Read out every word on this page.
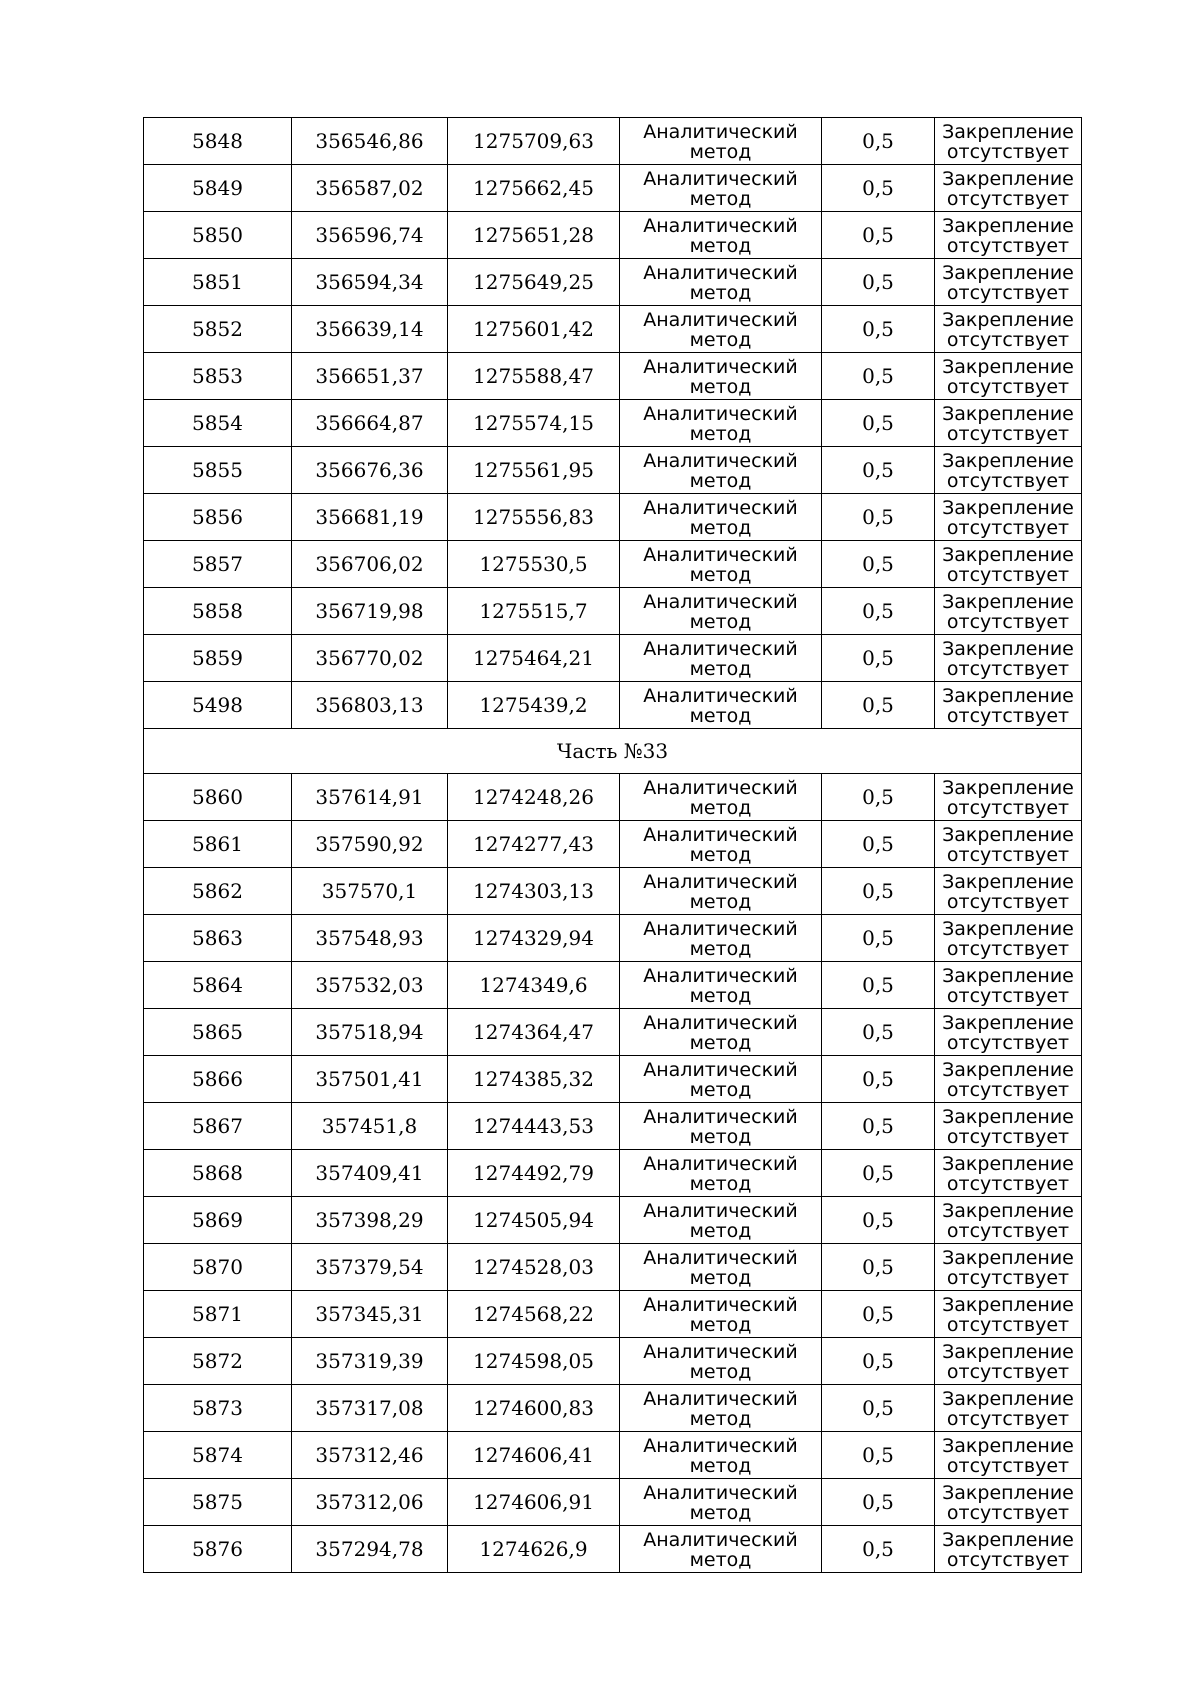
5848	356546,86	1275709,63	Аналитический метод	0,5	Закрепление отсутствует
5849	356587,02	1275662,45	Аналитический метод	0,5	Закрепление отсутствует
5850	356596,74	1275651,28	Аналитический метод	0,5	Закрепление отсутствует
5851	356594,34	1275649,25	Аналитический метод	0,5	Закрепление отсутствует
5852	356639,14	1275601,42	Аналитический метод	0,5	Закрепление отсутствует
5853	356651,37	1275588,47	Аналитический метод	0,5	Закрепление отсутствует
5854	356664,87	1275574,15	Аналитический метод	0,5	Закрепление отсутствует
5855	356676,36	1275561,95	Аналитический метод	0,5	Закрепление отсутствует
5856	356681,19	1275556,83	Аналитический метод	0,5	Закрепление отсутствует
5857	356706,02	1275530,5	Аналитический метод	0,5	Закрепление отсутствует
5858	356719,98	1275515,7	Аналитический метод	0,5	Закрепление отсутствует
5859	356770,02	1275464,21	Аналитический метод	0,5	Закрепление отсутствует
5498	356803,13	1275439,2	Аналитический метод	0,5	Закрепление отсутствует
Часть №33					
5860	357614,91	1274248,26	Аналитический метод	0,5	Закрепление отсутствует
5861	357590,92	1274277,43	Аналитический метод	0,5	Закрепление отсутствует
5862	357570,1	1274303,13	Аналитический метод	0,5	Закрепление отсутствует
5863	357548,93	1274329,94	Аналитический метод	0,5	Закрепление отсутствует
5864	357532,03	1274349,6	Аналитический метод	0,5	Закрепление отсутствует
5865	357518,94	1274364,47	Аналитический метод	0,5	Закрепление отсутствует
5866	357501,41	1274385,32	Аналитический метод	0,5	Закрепление отсутствует
5867	357451,8	1274443,53	Аналитический метод	0,5	Закрепление отсутствует
5868	357409,41	1274492,79	Аналитический метод	0,5	Закрепление отсутствует
5869	357398,29	1274505,94	Аналитический метод	0,5	Закрепление отсутствует
5870	357379,54	1274528,03	Аналитический метод	0,5	Закрепление отсутствует
5871	357345,31	1274568,22	Аналитический метод	0,5	Закрепление отсутствует
5872	357319,39	1274598,05	Аналитический метод	0,5	Закрепление отсутствует
5873	357317,08	1274600,83	Аналитический метод	0,5	Закрепление отсутствует
5874	357312,46	1274606,41	Аналитический метод	0,5	Закрепление отсутствует
5875	357312,06	1274606,91	Аналитический метод	0,5	Закрепление отсутствует
5876	357294,78	1274626,9	Аналитический метод	0,5	Закрепление отсутствует
